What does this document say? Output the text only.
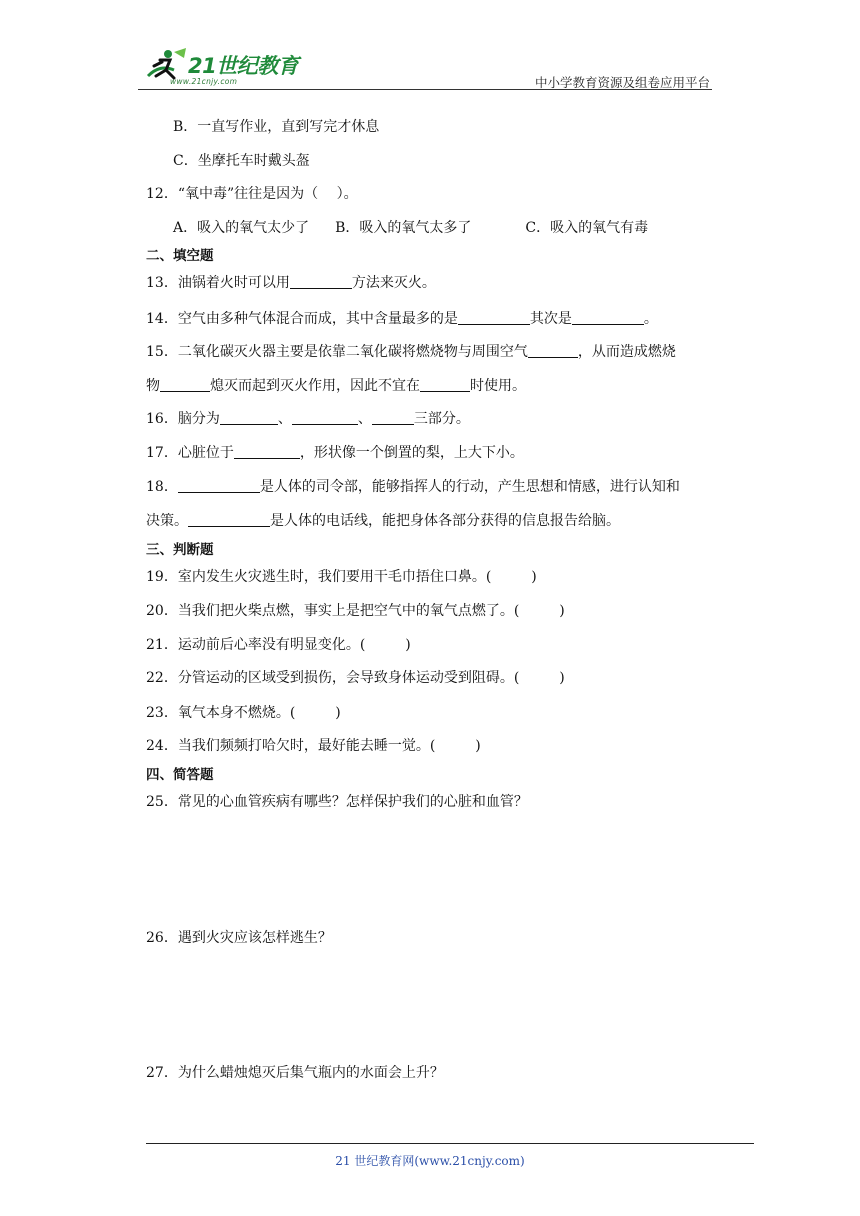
21世纪教育
www.21cnjy.com	中小学教育资源及组卷应用平台
B．一直写作业，直到写完才休息
C．坐摩托车时戴头盔
12．“氧中毒”往往是因为（　 ）。
A．吸入的氧气太少了 B．吸入的氧气太多了	C．吸入的氧气有毒
二、填空题
13．油锅着火时可以用	方法来灭火。
14．空气由多种气体混合而成，其中含量最多的是	其次是	。
15．二氧化碳灭火器主要是依靠二氧化碳将燃烧物与周围空气	，从而造成燃烧
物	熄灭而起到灭火作用，因此不宜在	时使用。
16．脑分为	、	、	三部分。
17．心脏位于	，形状像一个倒置的梨，上大下小。
18．	是人体的司令部，能够指挥人的行动，产生思想和情感，进行认知和
决策。	是人体的电话线，能把身体各部分获得的信息报告给脑。
三、判断题
19．室内发生火灾逃生时，我们要用干毛巾捂住口鼻。(	)
20．当我们把火柴点燃，事实上是把空气中的氧气点燃了。(	)
21．运动前后心率没有明显变化。(	)
22．分管运动的区域受到损伤，会导致身体运动受到阻碍。(	)
23．氧气本身不燃烧。(	)
24．当我们频频打哈欠时，最好能去睡一觉。(	)
四、简答题
25．常见的心血管疾病有哪些？怎样保护我们的心脏和血管？
26．遇到火灾应该怎样逃生？
27．为什么蜡烛熄灭后集气瓶内的水面会上升？
21 世纪教育网(www.21cnjy.com)
